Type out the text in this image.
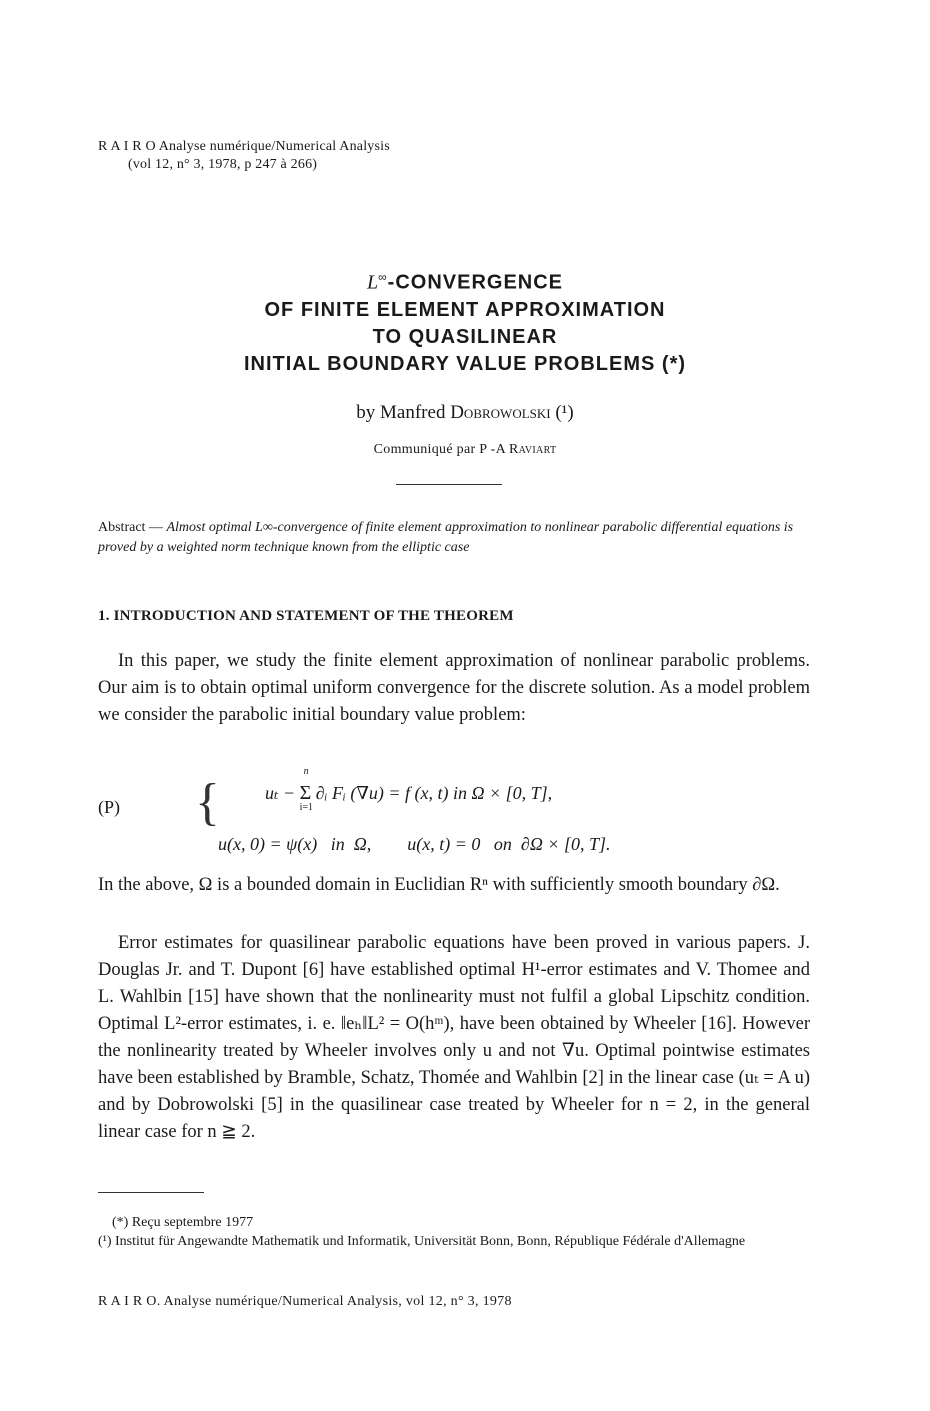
R A I R O Analyse numérique/Numerical Analysis
(vol 12, n° 3, 1978, p 247 à 266)
L∞-CONVERGENCE
OF FINITE ELEMENT APPROXIMATION
TO QUASILINEAR
INITIAL BOUNDARY VALUE PROBLEMS (*)
by Manfred Dobrowolski (¹)
Communiqué par P -A Raviart
Abstract — Almost optimal L∞-convergence of finite element approximation to nonlinear parabolic differential equations is proved by a weighted norm technique known from the elliptic case
1. INTRODUCTION AND STATEMENT OF THE THEOREM
In this paper, we study the finite element approximation of nonlinear parabolic problems. Our aim is to obtain optimal uniform convergence for the discrete solution. As a model problem we consider the parabolic initial boundary value problem:
(P) {	uₜ −
n
Σ
i=1
∂ᵢ Fᵢ (∇u) = f (x, t) in Ω × [0, T],
u(x, 0) = ψ(x)   in  Ω,        u(x, t) = 0   on  ∂Ω × [0, T].
In the above, Ω is a bounded domain in Euclidian Rⁿ with sufficiently smooth boundary ∂Ω.
Error estimates for quasilinear parabolic equations have been proved in various papers. J. Douglas Jr. and T. Dupont [6] have established optimal H¹-error estimates and V. Thomee and L. Wahlbin [15] have shown that the nonlinearity must not fulfil a global Lipschitz condition. Optimal L²-error estimates, i. e. ‖eₕ‖L² = O(hᵐ), have been obtained by Wheeler [16]. However the nonlinearity treated by Wheeler involves only u and not ∇u. Optimal pointwise estimates have been established by Bramble, Schatz, Thomée and Wahlbin [2] in the linear case (uₜ = A u) and by Dobrowolski [5] in the quasilinear case treated by Wheeler for n = 2, in the general linear case for n ≧ 2.
(*) Reçu septembre 1977
(¹) Institut für Angewandte Mathematik und Informatik, Universität Bonn, Bonn, République Fédérale d'Allemagne
R A I R O. Analyse numérique/Numerical Analysis, vol 12, n° 3, 1978
